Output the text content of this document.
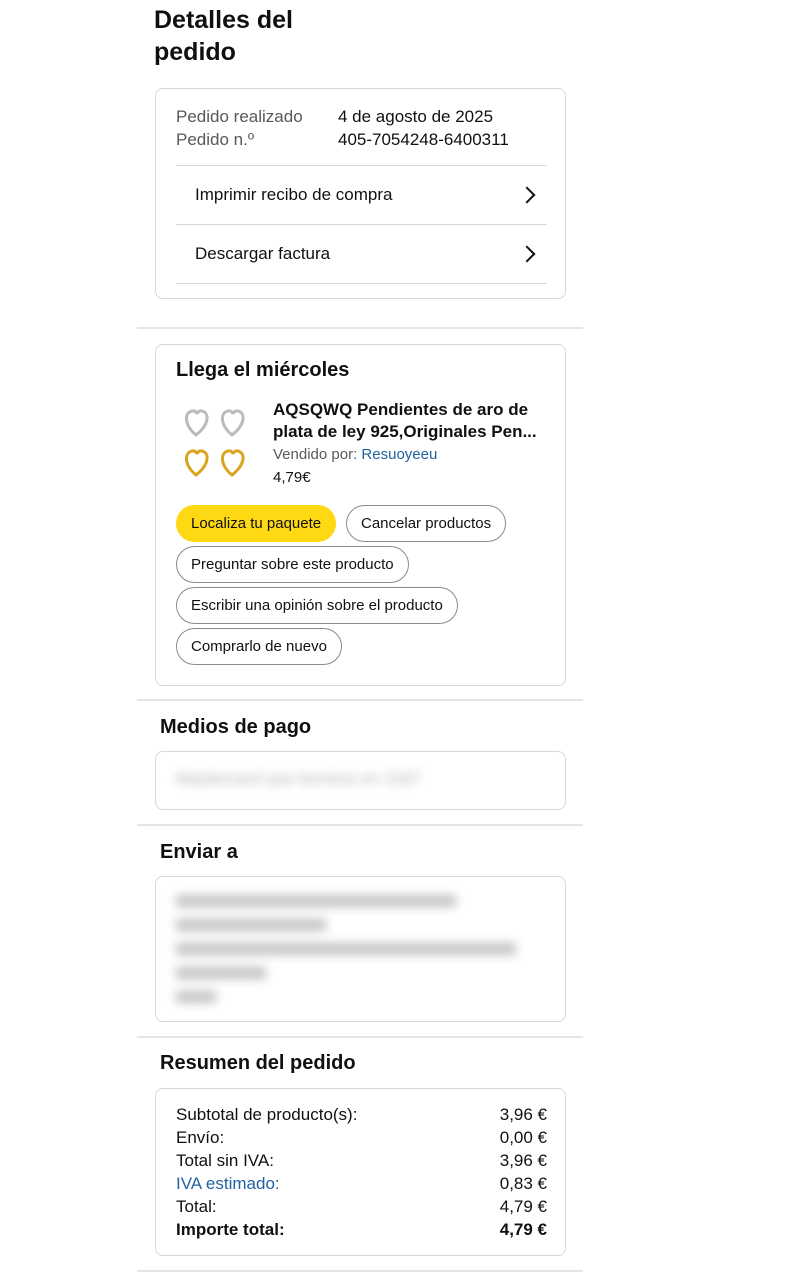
Detalles del pedido
Pedido realizado 4 de agosto de 2025
Pedido n.º	405-7054248-6400311
Imprimir recibo de compra
Descargar factura
Llega el miércoles
AQSQWQ Pendientes de aro de plata de ley 925,Originales Pen...
Vendido por: Resuoyeeu
4,79€
Localiza tu paquete	Cancelar productos
Preguntar sobre este producto
Escribir una opinión sobre el producto
Comprarlo de nuevo
Medios de pago
Mastercard que termina en 1187
Enviar a
Resumen del pedido
Subtotal de producto(s):	3,96 €
Envío:	0,00 €
Total sin IVA:	3,96 €
IVA estimado:	0,83 €
Total:	4,79 €
Importe total:	4,79 €
